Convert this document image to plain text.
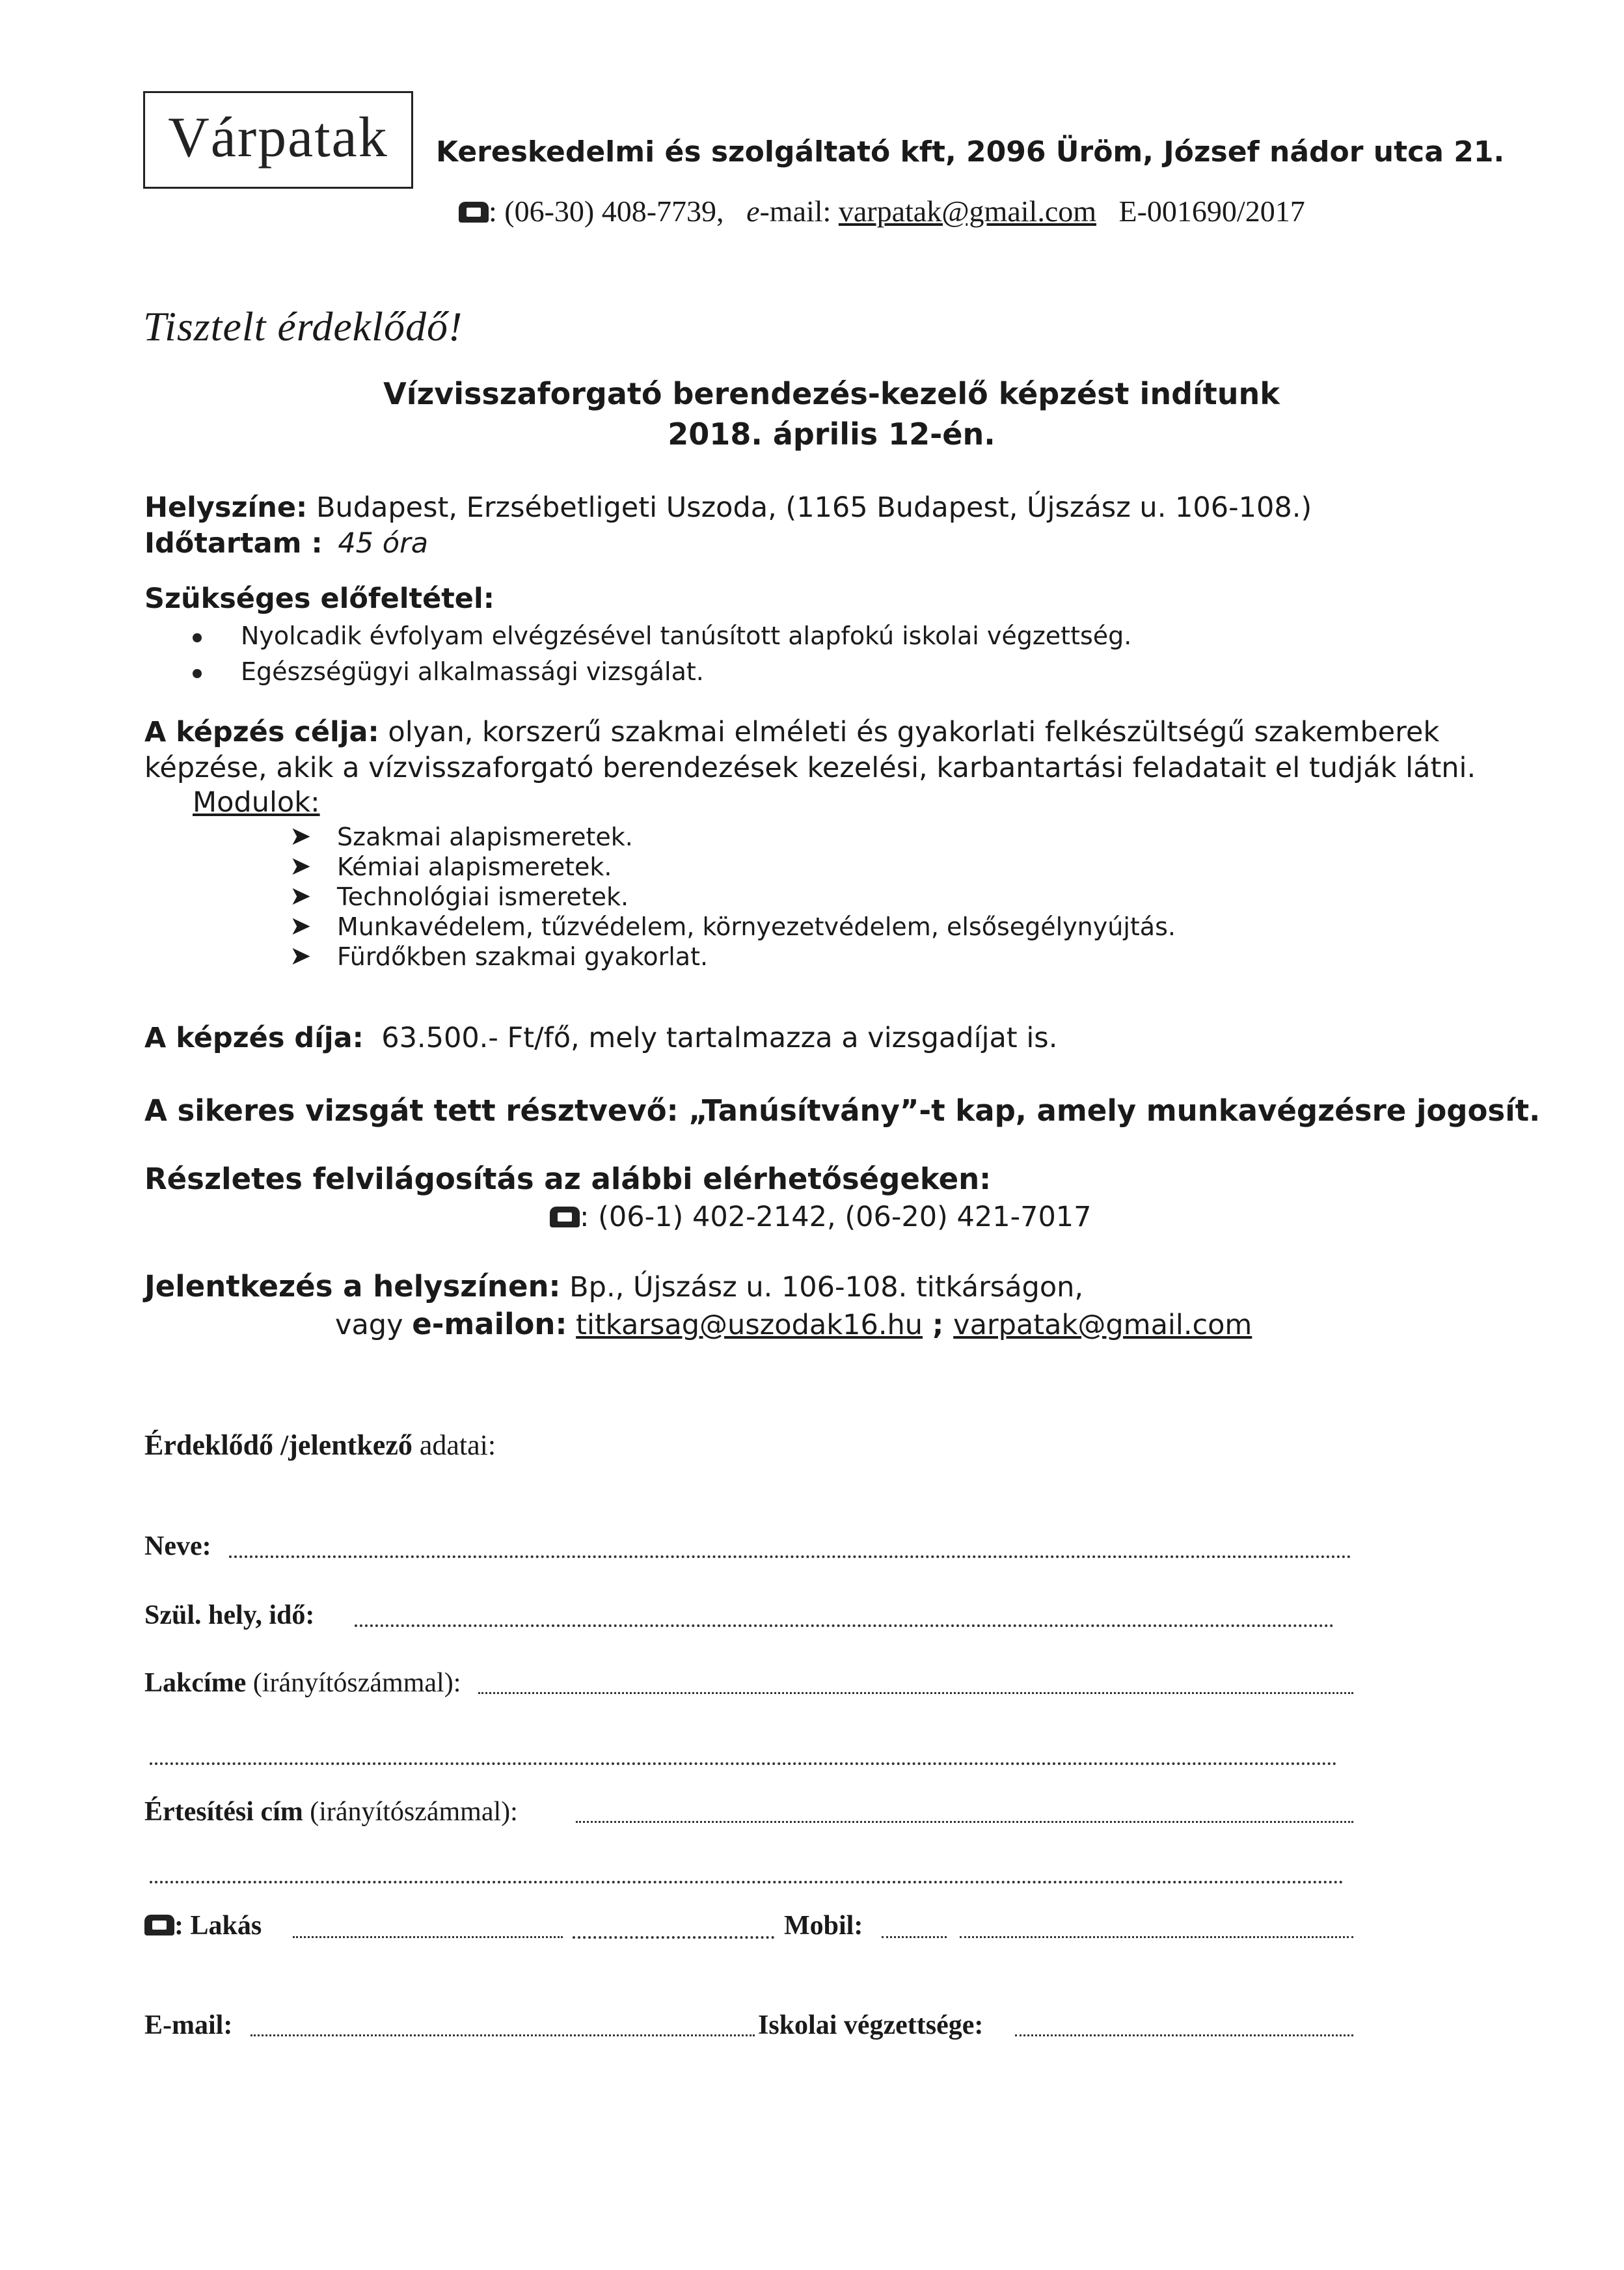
Várpatak	Kereskedelmi és szolgáltató kft, 2096 Üröm, József nádor utca 21.
: (06-30) 408-7739, e-mail: varpatak@gmail.com E-001690/2017
Tisztelt érdeklődő!
Vízvisszaforgató berendezés-kezelő képzést indítunk
2018. április 12-én.
Helyszíne: Budapest, Erzsébetligeti Uszoda, (1165 Budapest, Újszász u. 106-108.)
Időtartam : 45 óra
Szükséges előfeltétel:
Nyolcadik évfolyam elvégzésével tanúsított alapfokú iskolai végzettség.
Egészségügyi alkalmassági vizsgálat.
A képzés célja: olyan, korszerű szakmai elméleti és gyakorlati felkészültségű szakemberek
képzése, akik a vízvisszaforgató berendezések kezelési, karbantartási feladatait el tudják látni.
Modulok:
➤ Szakmai alapismeretek.
➤ Kémiai alapismeretek.
➤ Technológiai ismeretek.
➤ Munkavédelem, tűzvédelem, környezetvédelem, elsősegélynyújtás.
➤ Fürdőkben szakmai gyakorlat.
A képzés díja: 63.500.- Ft/fő, mely tartalmazza a vizsgadíjat is.
A sikeres vizsgát tett résztvevő: „Tanúsítvány”-t kap, amely munkavégzésre jogosít.
Részletes felvilágosítás az alábbi elérhetőségeken:
: (06-1) 402-2142, (06-20) 421-7017
Jelentkezés a helyszínen: Bp., Újszász u. 106-108. titkárságon,
vagy e-mailon: titkarsag@uszodak16.hu ; varpatak@gmail.com
Érdeklődő /jelentkező adatai:
Neve:
Szül. hely, idő:
Lakcíme (irányítószámmal):
Értesítési cím (irányítószámmal):
: Lakás	Mobil:
E-mail:	Iskolai végzettsége:
